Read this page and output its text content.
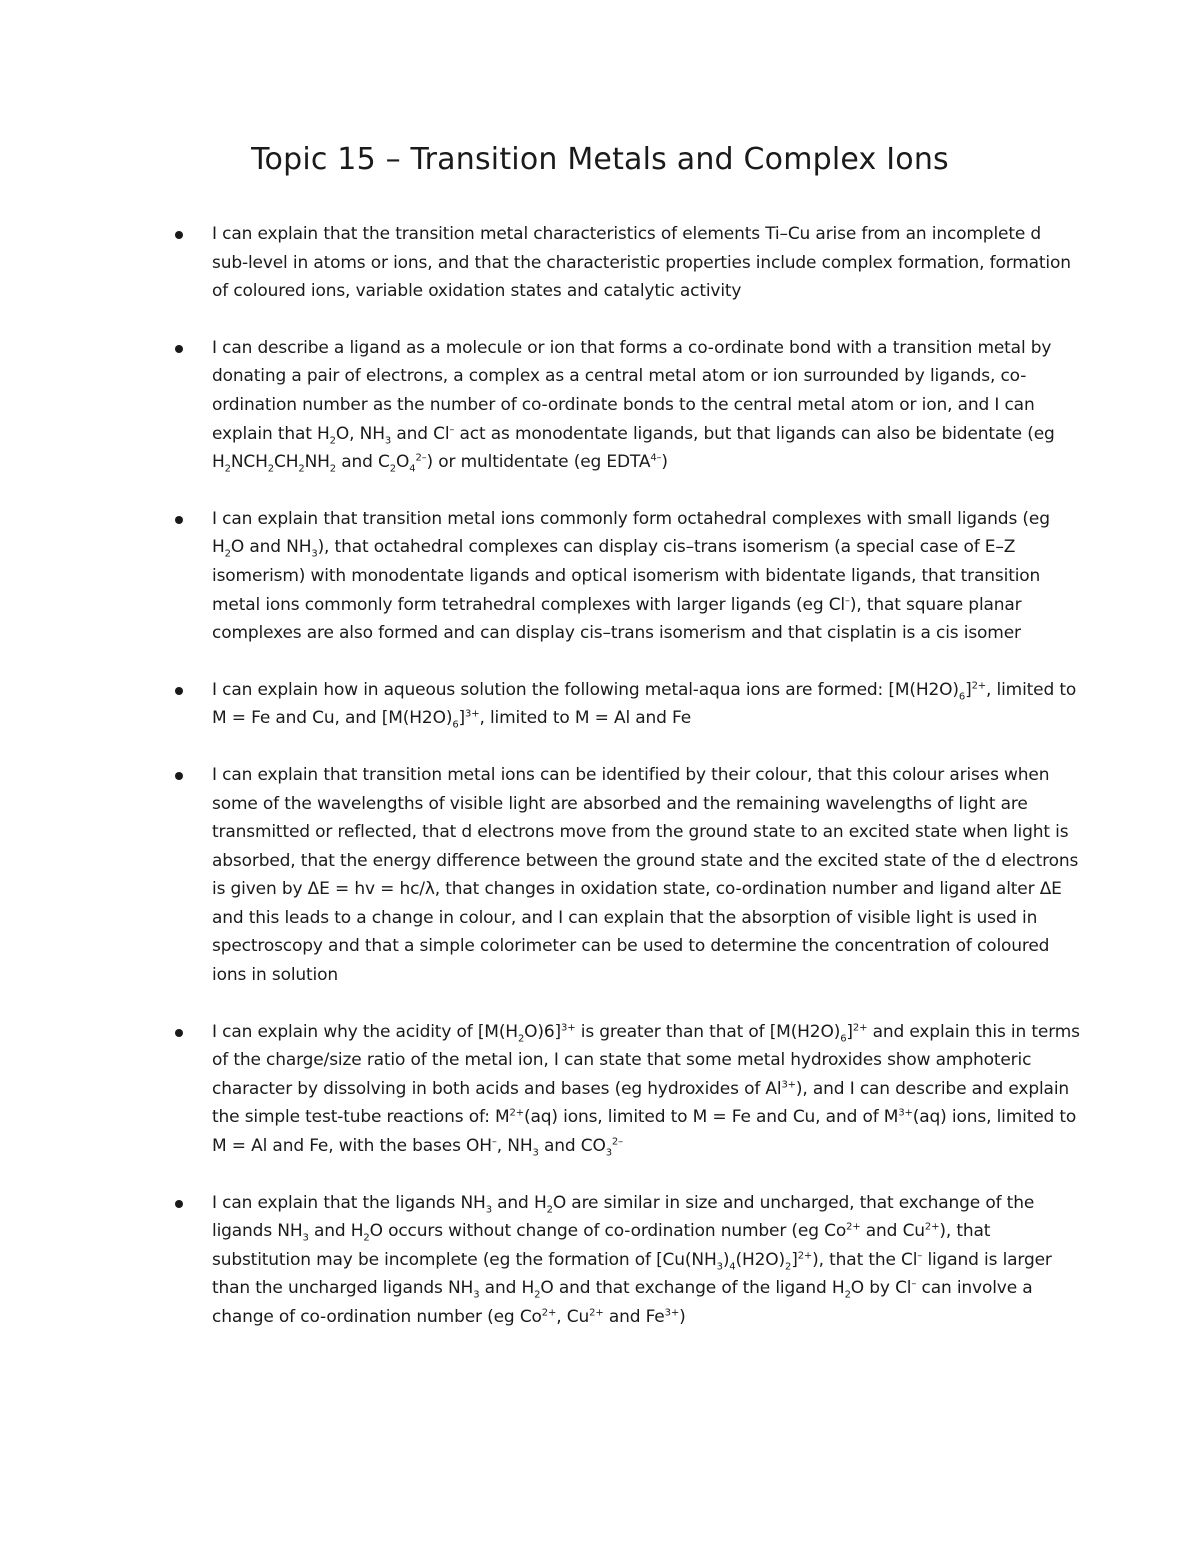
Topic 15 – Transition Metals and Complex Ions
I can explain that the transition metal characteristics of elements Ti–Cu arise from an incomplete d sub-level in atoms or ions, and that the characteristic properties include complex formation, formation of coloured ions, variable oxidation states and catalytic activity
I can describe a ligand as a molecule or ion that forms a co-ordinate bond with a transition metal by donating a pair of electrons, a complex as a central metal atom or ion surrounded by ligands, co-ordination number as the number of co-ordinate bonds to the central metal atom or ion, and I can explain that $H_2O$, $NH_3$ and Cl– act as monodentate ligands, but that ligands can also be bidentate (eg $H_2NCH_2CH_2NH_2$ and $C_2O_4^{2-}$) or multidentate (eg $EDTA^{4-}$)
I can explain that transition metal ions commonly form octahedral complexes with small ligands (eg $H_2O$ and $NH_3$), that octahedral complexes can display cis–trans isomerism (a special case of E–Z isomerism) with monodentate ligands and optical isomerism with bidentate ligands, that transition metal ions commonly form tetrahedral complexes with larger ligands (eg Cl–), that square planar complexes are also formed and can display cis–trans isomerism and that cisplatin is a cis isomer
I can explain how in aqueous solution the following metal-aqua ions are formed: $[M(H2O)_6]^{2+}$, limited to M = Fe and Cu, and $[M(H2O)_6]^{3+}$, limited to M = Al and Fe
I can explain that transition metal ions can be identified by their colour, that this colour arises when some of the wavelengths of visible light are absorbed and the remaining wavelengths of light are transmitted or reflected, that d electrons move from the ground state to an excited state when light is absorbed, that the energy difference between the ground state and the excited state of the d electrons is given by ΔE = hv = hc/λ, that changes in oxidation state, co-ordination number and ligand alter ΔE and this leads to a change in colour, and I can explain that the absorption of visible light is used in spectroscopy and that a simple colorimeter can be used to determine the concentration of coloured ions in solution
I can explain why the acidity of $[M(H_2O)6]^{3+}$ is greater than that of $[M(H2O)_6]^{2+}$ and explain this in terms of the charge/size ratio of the metal ion, I can state that some metal hydroxides show amphoteric character by dissolving in both acids and bases (eg hydroxides of $Al^{3+}$), and I can describe and explain the simple test-tube reactions of: $M^{2+}(aq)$ ions, limited to M = Fe and Cu, and of $M^{3+}(aq)$ ions, limited to M = Al and Fe, with the bases OH–, $NH_3$ and $CO_3^{2-}$
I can explain that the ligands $NH_3$ and $H_2O$ are similar in size and uncharged, that exchange of the ligands $NH_3$ and $H_2O$ occurs without change of co-ordination number (eg $Co^{2+}$ and $Cu^{2+}$), that substitution may be incomplete (eg the formation of $[Cu(NH_3)_4(H2O)_2]^{2+}$), that the Cl– ligand is larger than the uncharged ligands $NH_3$ and $H_2O$ and that exchange of the ligand $H_2O$ by Cl– can involve a change of co-ordination number (eg $Co^{2+}$, $Cu^{2+}$ and $Fe^{3+}$)
